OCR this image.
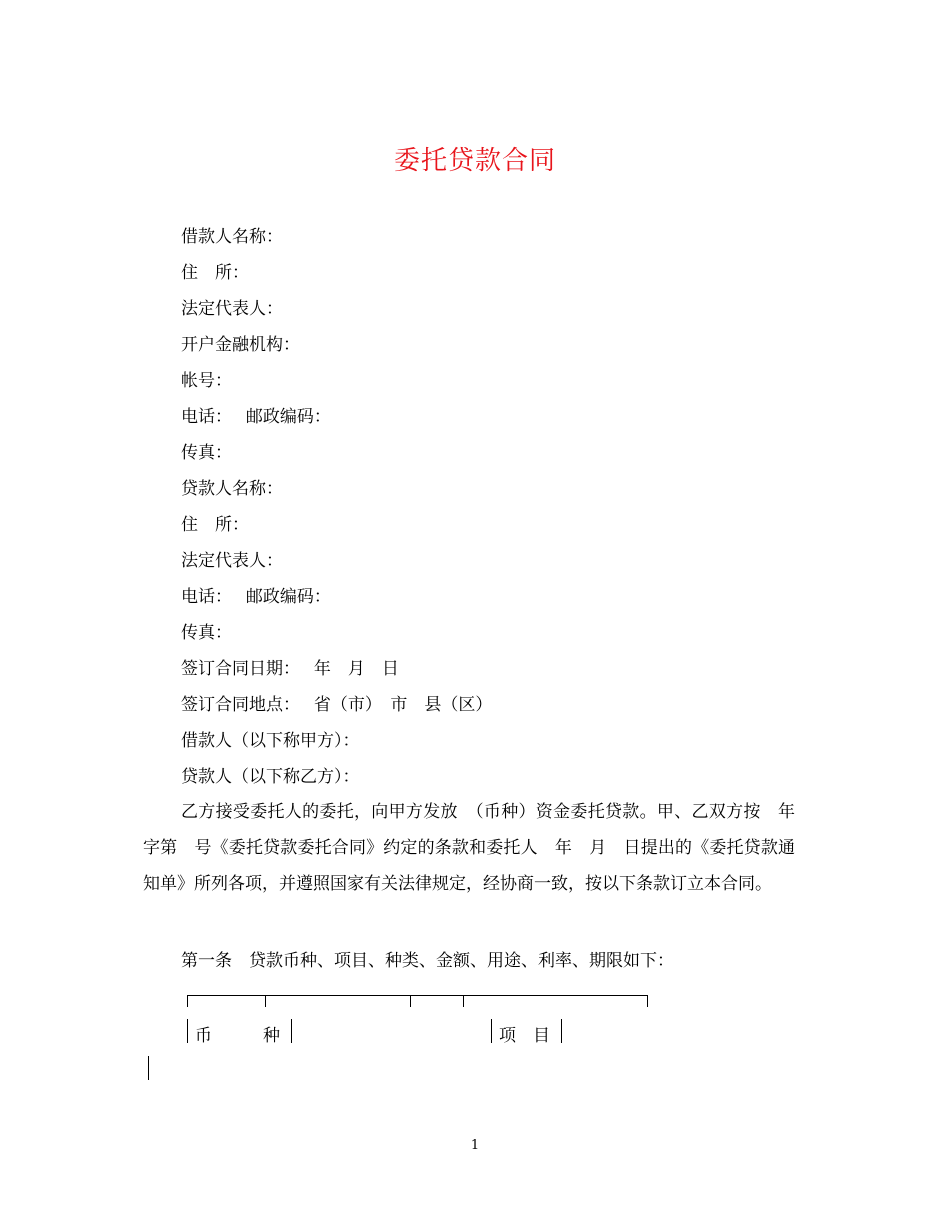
委托贷款合同
借款人名称：
住　所：
法定代表人：
开户金融机构：
帐号：
电话：　 邮政编码：
传真：
贷款人名称：
住　所：
法定代表人：
电话：　 邮政编码：
传真：
签订合同日期：　 年　月　日
签订合同地点：　 省（市）　市　县（区）
借款人（以下称甲方）：
贷款人（以下称乙方）：
乙方接受委托人的委托，向甲方发放　（币种）资金委托贷款。甲、乙双方按　年　字第　号《委托贷款委托合同》约定的条款和委托人　年　月　日提出的《委托贷款通知单》所列各项，并遵照国家有关法律规定，经协商一致，按以下条款订立本合同。
第一条　贷款币种、项目、种类、金额、用途、利率、期限如下：
币　　　种	项　目
1
